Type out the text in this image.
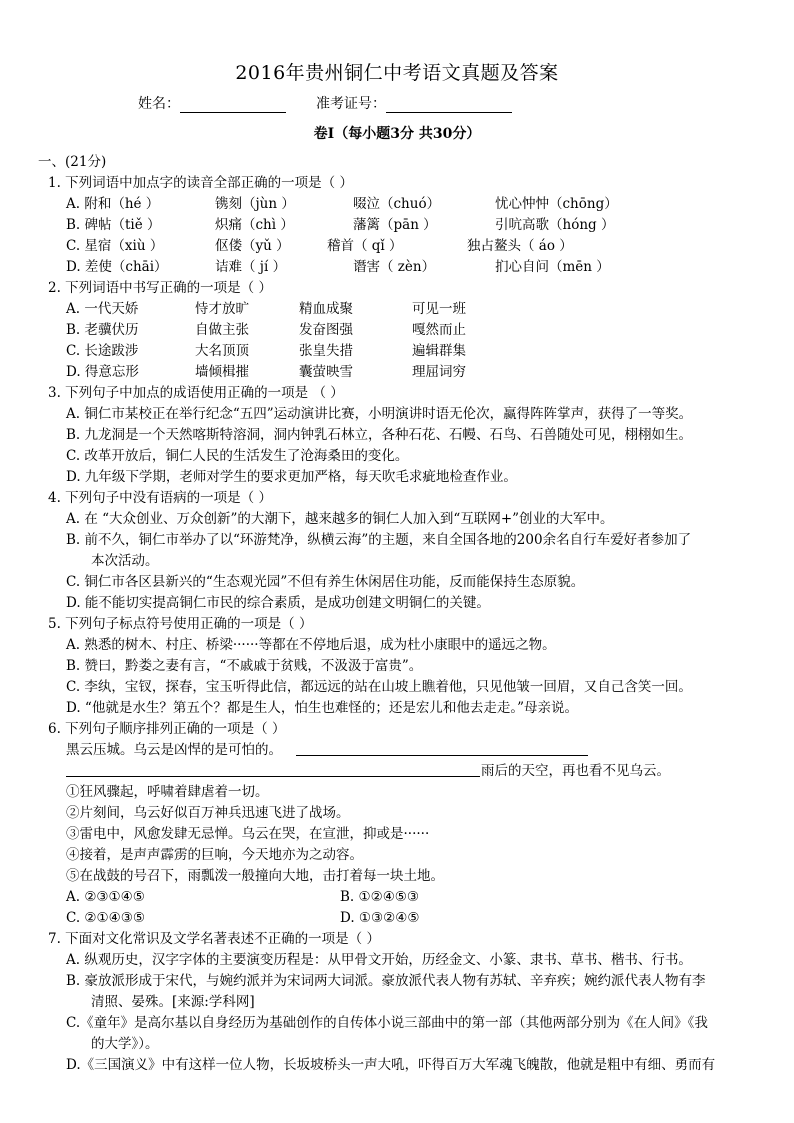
2016年贵州铜仁中考语文真题及答案
姓名：	准考证号：
卷Ⅰ（每小题3分 共30分）
一、(21分)
1. 下列词语中加点字的读音全部正确的一项是（ ）
A. 附和（hé ）	镌刻（jùn ）	啜泣（chuó）	忧心忡忡（chōng）
B. 碑帖（tiě ）	炽痛（chì ）	藩篱（pān ）	引吭高歌（hóng ）
C. 星宿（xiù ）	伛偻（yǔ ）	稽首（ qǐ ）	独占鳌头（ áo ）
D. 差使（chāi）	诘难（ jí ）	谮害（ zèn）	扪心自问（mēn ）
2. 下列词语中书写正确的一项是（ ）
A. 一代天娇	恃才放旷	精血成聚	可见一班
B. 老骥伏历	自做主张	发奋图强	嘎然而止
C. 长途跋涉	大名顶顶	张皇失措	遍辑群集
D. 得意忘形	墙倾楫摧	囊萤映雪	理屈词穷
3. 下列句子中加点的成语使用正确的一项是 （ ）
A. 铜仁市某校正在举行纪念“五四”运动演讲比赛，小明演讲时语无伦次，赢得阵阵掌声，获得了一等奖。
B. 九龙洞是一个天然喀斯特溶洞，洞内钟乳石林立，各种石花、石幔、石鸟、石兽随处可见，栩栩如生。
C. 改革开放后，铜仁人民的生活发生了沧海桑田的变化。
D. 九年级下学期，老师对学生的要求更加严格，每天吹毛求疵地检查作业。
4. 下列句子中没有语病的一项是（ ）
A. 在 “大众创业、万众创新”的大潮下，越来越多的铜仁人加入到“互联网+”创业的大军中。
B. 前不久，铜仁市举办了以“环游梵净，纵横云海”的主题，来自全国各地的200余名自行车爱好者参加了
本次活动。
C. 铜仁市各区县新兴的“生态观光园”不但有养生休闲居住功能，反而能保持生态原貌。
D. 能不能切实提高铜仁市民的综合素质，是成功创建文明铜仁的关键。
5. 下列句子标点符号使用正确的一项是（ ）
A. 熟悉的树木、村庄、桥梁······等都在不停地后退，成为杜小康眼中的遥远之物。
B. 赞曰，黔娄之妻有言，“不戚戚于贫贱，不汲汲于富贵”。
C. 李纨，宝钗，探春，宝玉听得此信，都远远的站在山坡上瞧着他，只见他皱一回眉，又自己含笑一回。
D. “他就是水生？第五个？都是生人，怕生也难怪的；还是宏儿和他去走走。”母亲说。
6. 下列句子顺序排列正确的一项是（ ）
黑云压城。乌云是凶悍的是可怕的。
雨后的天空，再也看不见乌云。
①狂风骤起，呼啸着肆虐着一切。
②片刻间，乌云好似百万神兵迅速飞进了战场。
③雷电中，风愈发肆无忌惮。乌云在哭，在宣泄，抑或是······
④接着，是声声霹雳的巨响，今天地亦为之动容。
⑤在战鼓的号召下，雨瓢泼一般撞向大地，击打着每一块土地。
A. ②③①④⑤	B. ①②④⑤③
C. ②①④③⑤	D. ①③②④⑤
7. 下面对文化常识及文学名著表述不正确的一项是（ ）
A. 纵观历史，汉字字体的主要演变历程是：从甲骨文开始，历经金文、小篆、隶书、草书、楷书、行书。
B. 豪放派形成于宋代，与婉约派并为宋词两大词派。豪放派代表人物有苏轼、辛弃疾；婉约派代表人物有李
清照、晏殊。[来源:学科网]
C.《童年》是高尔基以自身经历为基础创作的自传体小说三部曲中的第一部（其他两部分别为《在人间》《我
的大学》）。
D.《三国演义》中有这样一位人物，长坂坡桥头一声大吼，吓得百万大军魂飞魄散，他就是粗中有细、勇而有
